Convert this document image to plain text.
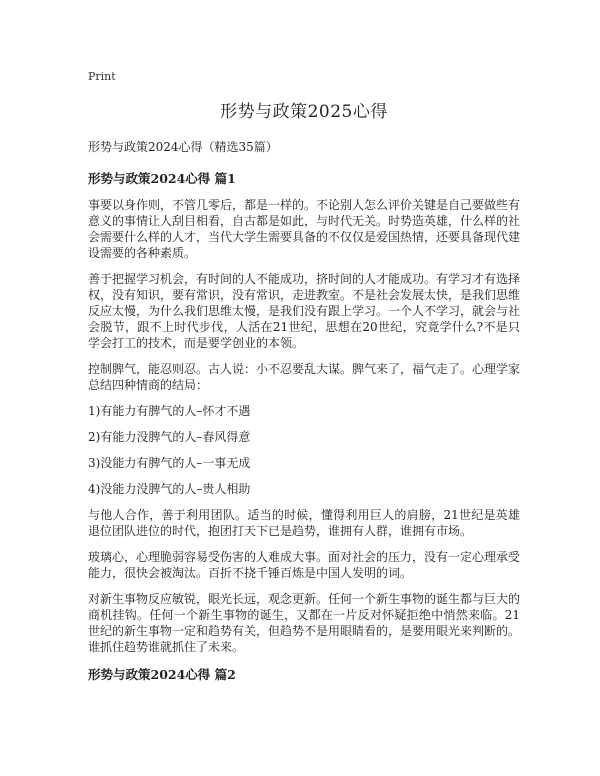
Print
形势与政策2025心得

形势与政策2024心得（精选35篇）

形势与政策2024心得 篇1

事要以身作则，不管几零后，都是一样的。不论别人怎么评价关键是自己要做些有意义的事情让人刮目相看，自古都是如此，与时代无关。时势造英雄，什么样的社会需要什么样的人才，当代大学生需要具备的不仅仅是爱国热情，还要具备现代建设需要的各种素质。

善于把握学习机会，有时间的人不能成功，挤时间的人才能成功。有学习才有选择权，没有知识，要有常识，没有常识，走进教室。不是社会发展太快，是我们思维反应太慢，为什么我们思维太慢，是我们没有跟上学习。一个人不学习，就会与社会脱节，跟不上时代步伐，人活在21世纪，思想在20世纪，究竟学什么?不是只学会打工的技术，而是要学创业的本领。

控制脾气，能忍则忍。古人说：小不忍要乱大谋。脾气来了，福气走了。心理学家总结四种情商的结局：

1)有能力有脾气的人–怀才不遇

2)有能力没脾气的人–春风得意

3)没能力有脾气的人–一事无成

4)没能力没脾气的人–贵人相助

与他人合作，善于利用团队。适当的时候，懂得利用巨人的肩膀，21世纪是英雄退位团队进位的时代，抱团打天下已是趋势，谁拥有人群，谁拥有市场。

玻璃心，心理脆弱容易受伤害的人难成大事。面对社会的压力，没有一定心理承受能力，很快会被淘汰。百折不挠千锤百炼是中国人发明的词。

对新生事物反应敏锐，眼光长远，观念更新。任何一个新生事物的诞生都与巨大的商机挂钩。任何一个新生事物的诞生，又都在一片反对怀疑拒绝中悄然来临。21世纪的新生事物一定和趋势有关，但趋势不是用眼睛看的，是要用眼光来判断的。谁抓住趋势谁就抓住了未来。

形势与政策2024心得 篇2
